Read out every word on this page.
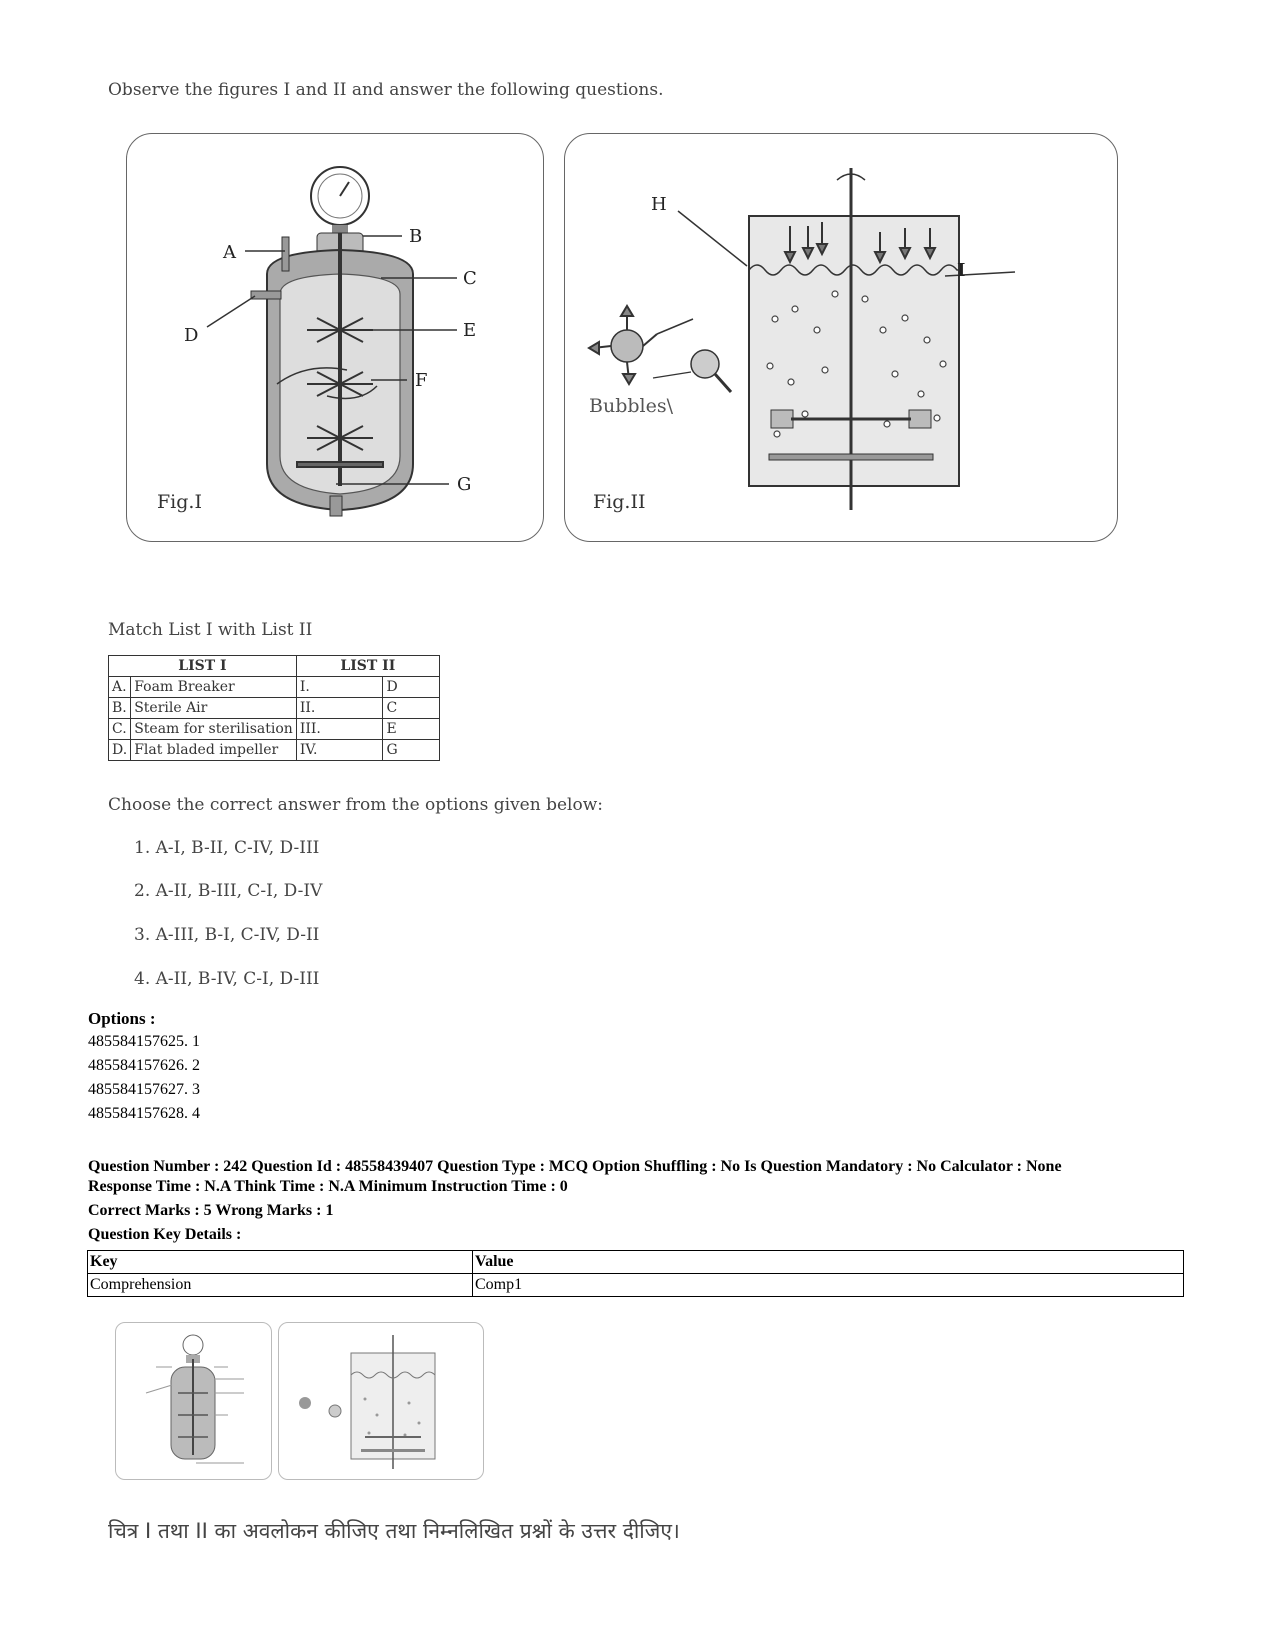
Observe the figures I and II and answer the following questions.
A
B
C
D	E
F
G
Fig.I
H
I
Bubbles\
Fig.II
Match List I with List II
LIST I		LIST II	
A.	Foam Breaker	I.	D
B.	Sterile Air	II.	C
C.	Steam for sterilisation	III.	E
D.	Flat bladed impeller	IV.	G
Choose the correct answer from the options given below:
1. A-I, B-II, C-IV, D-III
2. A-II, B-III, C-I, D-IV
3. A-III, B-I, C-IV, D-II
4. A-II, B-IV, C-I, D-III
Options :
485584157625. 1
485584157626. 2
485584157627. 3
485584157628. 4
Question Number : 242 Question Id : 48558439407 Question Type : MCQ Option Shuffling : No Is Question Mandatory : No Calculator : None
Response Time : N.A Think Time : N.A Minimum Instruction Time : 0
Correct Marks : 5 Wrong Marks : 1
Question Key Details :
Key	Value
Comprehension	Comp1
चित्र I तथा II का अवलोकन कीजिए तथा निम्नलिखित प्रश्नों के उत्तर दीजिए।
